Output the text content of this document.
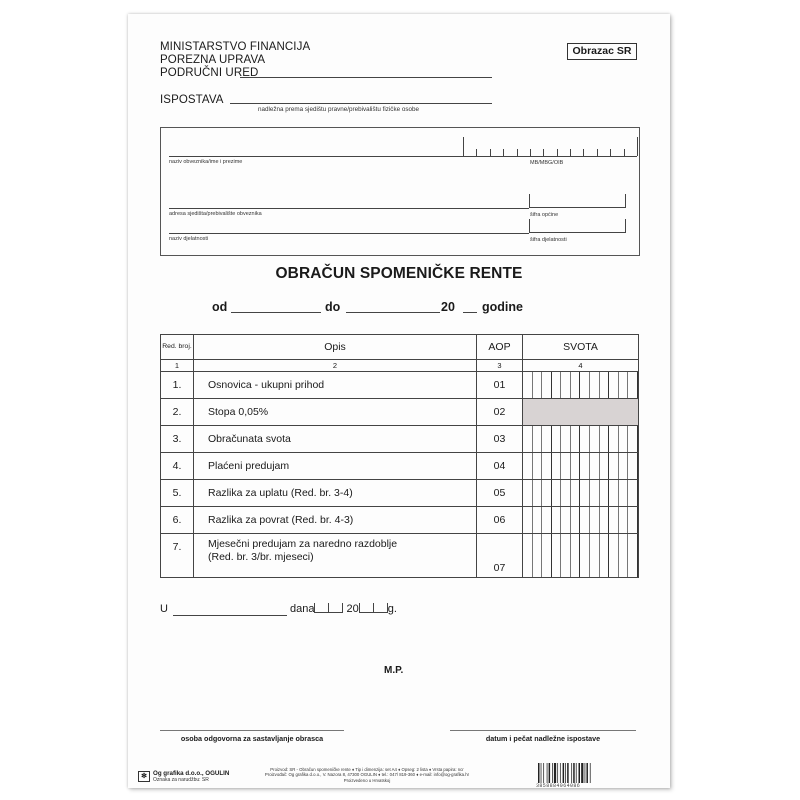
MINISTARSTVO FINANCIJA
POREZNA UPRAVA
PODRUČNI URED
Obrazac SR
ISPOSTAVA
nadležna prema sjedištu pravne/prebivalištu fizičke osobe
naziv obveznika/ime i prezime	MB/MBG/OIB
adresa sjedišta/prebivalište obveznika	šifra općine
naziv djelatnosti	šifra djelatnosti
OBRAČUN SPOMENIČKE RENTE
od	do	20 godine
Red. broj.	Opis	AOP	SVOTA
1	2	3	4
1.	Osnovica - ukupni prihod	01	

2.	Stopa 0,05%	02	
3.	Obračunata svota	03	

4.	Plaćeni predujam	04	

5.	Razlika za uplatu (Red. br. 3-4)	05	

6.	Razlika za povrat (Red. br. 4-3)	06	

7.	Mjesečni predujam za naredno razdoblje
(Red. br. 3/br. mjeseci)	07	
U	dana	20	g.
M.P.
osoba odgovorna za sastavljanje obrasca	datum i pečat nadležne ispostave
✻ Og grafika d.o.o., OGULIN
Oznaka za narudžbu: SR
Proizvod: SR - Obračun spomeničke rente ♦ Tip i dimenzija: set A4 ♦ Opseg: 2 lista ♦ Vrsta papira: ncr
Proizvođač: Og grafika d.o.o., V. Nazora 8, 47300 OGULIN ♦ tel.: 047/ 819-360 ♦ e-mail: info@og-grafika.hr
Proizvedeno u Hrvatskoj
3858884064086
